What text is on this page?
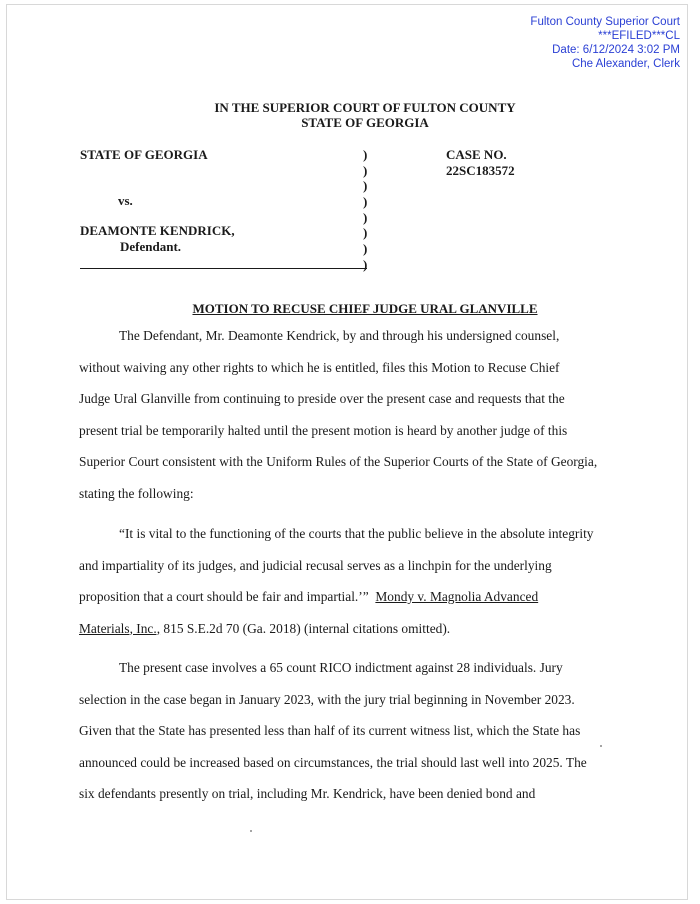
Fulton County Superior Court
***EFILED***CL
Date: 6/12/2024 3:02 PM
Che Alexander, Clerk
IN THE SUPERIOR COURT OF FULTON COUNTY
STATE OF GEORGIA
STATE OF GEORGIA
vs.
DEAMONTE KENDRICK,
Defendant.
)
)
)
)
)
)
)
)
CASE NO.
22SC183572
MOTION TO RECUSE CHIEF JUDGE URAL GLANVILLE
The Defendant, Mr. Deamonte Kendrick, by and through his undersigned counsel,
without waiving any other rights to which he is entitled, files this Motion to Recuse Chief
Judge Ural Glanville from continuing to preside over the present case and requests that the
present trial be temporarily halted until the present motion is heard by another judge of this
Superior Court consistent with the Uniform Rules of the Superior Courts of the State of Georgia,
stating the following:
“It is vital to the functioning of the courts that the public believe in the absolute integrity
and impartiality of its judges, and judicial recusal serves as a linchpin for the underlying
proposition that a court should be fair and impartial.’” Mondy v. Magnolia Advanced
Materials, Inc., 815 S.E.2d 70 (Ga. 2018) (internal citations omitted).
The present case involves a 65 count RICO indictment against 28 individuals. Jury
selection in the case began in January 2023, with the jury trial beginning in November 2023.
Given that the State has presented less than half of its current witness list, which the State has
announced could be increased based on circumstances, the trial should last well into 2025. The
six defendants presently on trial, including Mr. Kendrick, have been denied bond and
